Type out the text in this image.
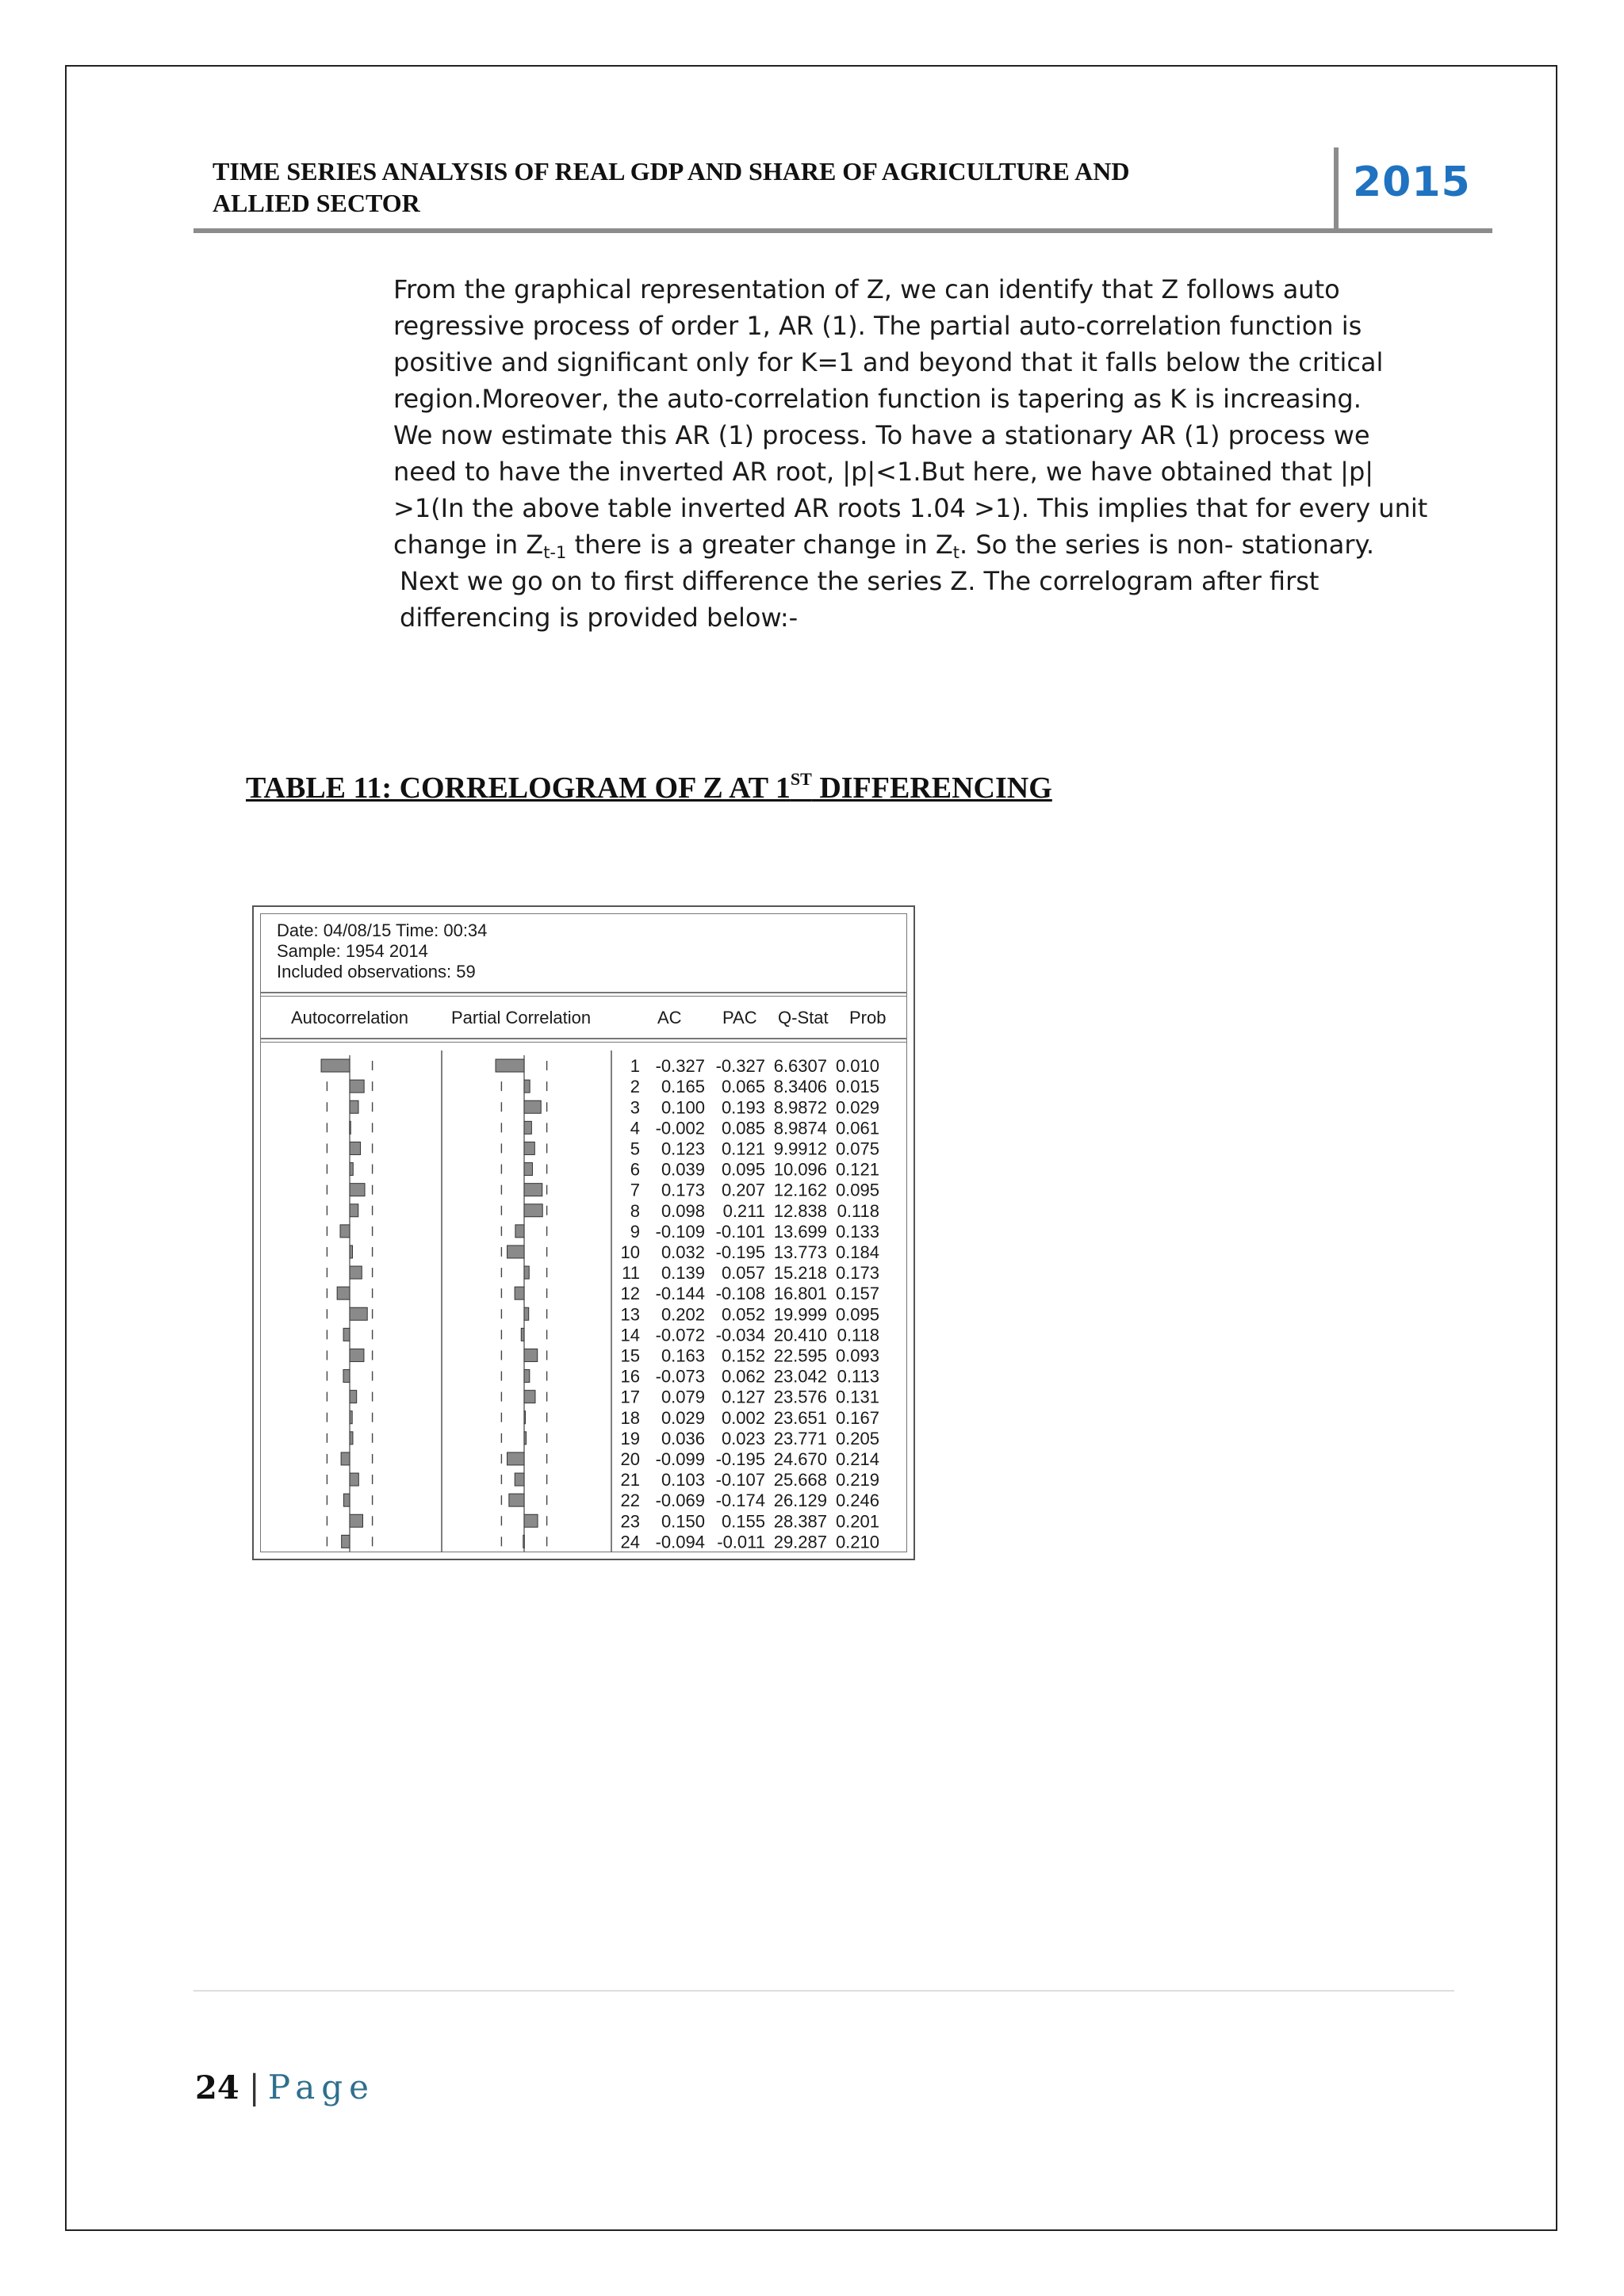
TIME SERIES ANALYSIS OF REAL GDP AND SHARE OF AGRICULTURE AND
ALLIED SECTOR	2015

From the graphical representation of Z, we can identify that Z follows auto regressive process of order 1, AR (1). The partial auto-correlation function is positive and significant only for K=1 and beyond that it falls below the critical region.Moreover, the auto-correlation function is tapering as K is increasing.

We now estimate this AR (1) process. To have a stationary AR (1) process we need to have the inverted AR root, |p|<1.But here, we have obtained that |p| >1(In the above table inverted AR roots 1.04 >1). This implies that for every unit change in $Z_{t-1}$ there is a greater change in $Z_t$. So the series is non- stationary.

Next we go on to first difference the series Z. The correlogram after first differencing is provided below:-

TABLE 11: CORRELOGRAM OF Z AT 1ST DIFFERENCING
Date: 04/08/15 Time: 00:34
Sample: 1954 2014
Included observations: 59
Autocorrelation Partial Correlation	AC PAC Q-Stat Prob
1 -0.327 -0.327 6.6307 0.010
2 0.165 0.065 8.3406 0.015
3 0.100 0.193 8.9872 0.029
4 -0.002 0.085 8.9874 0.061
5 0.123 0.121 9.9912 0.075
6 0.039 0.095 10.096 0.121
7 0.173 0.207 12.162 0.095
8 0.098 0.211 12.838 0.118
9 -0.109 -0.101 13.699 0.133
10 0.032 -0.195 13.773 0.184
11 0.139 0.057 15.218 0.173
12 -0.144 -0.108 16.801 0.157
13 0.202 0.052 19.999 0.095
14 -0.072 -0.034 20.410 0.118
15 0.163 0.152 22.595 0.093
16 -0.073 0.062 23.042 0.113
17 0.079 0.127 23.576 0.131
18 0.029 0.002 23.651 0.167
19 0.036 0.023 23.771 0.205
20 -0.099 -0.195 24.670 0.214
21 0.103 -0.107 25.668 0.219
22 -0.069 -0.174 26.129 0.246
23 0.150 0.155 28.387 0.201
24 -0.094 -0.011 29.287 0.210
24 | Page
